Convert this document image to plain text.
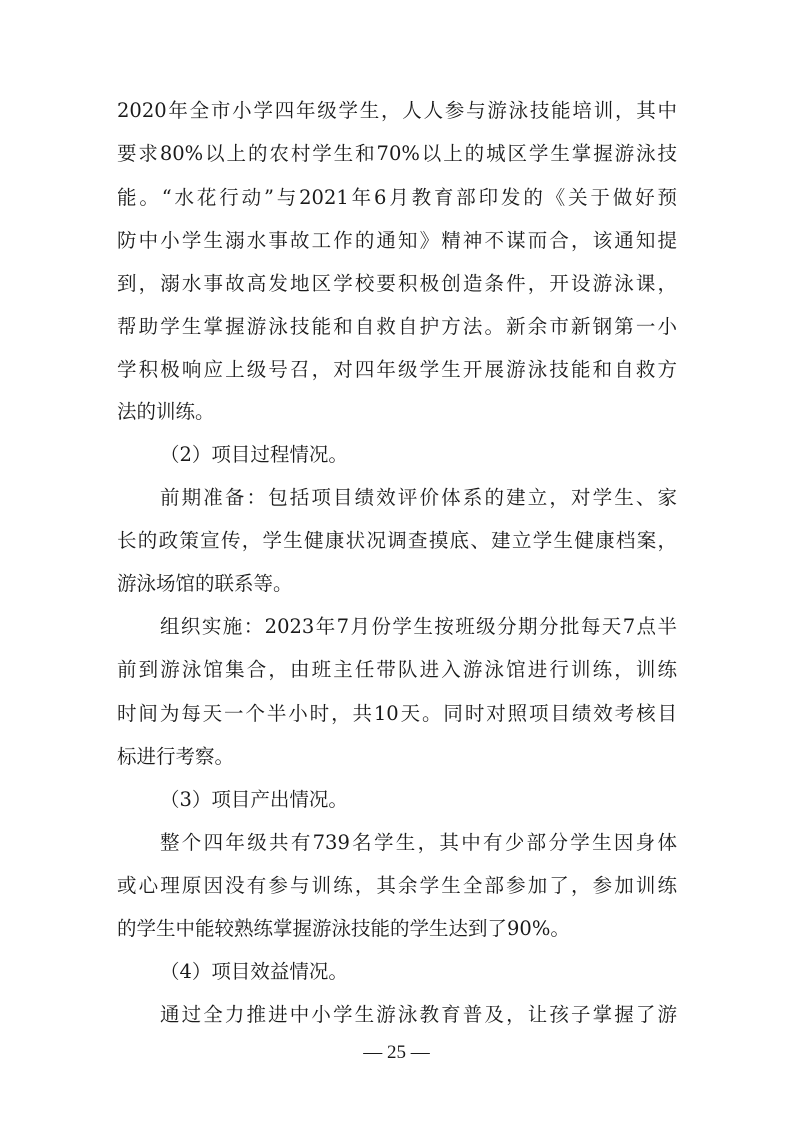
2020年全市小学四年级学生，人人参与游泳技能培训，其中
要求80%以上的农村学生和70%以上的城区学生掌握游泳技
能。“水花行动”与2021年6月教育部印发的《关于做好预
防中小学生溺水事故工作的通知》精神不谋而合，该通知提
到，溺水事故高发地区学校要积极创造条件，开设游泳课，
帮助学生掌握游泳技能和自救自护方法。新余市新钢第一小
学积极响应上级号召，对四年级学生开展游泳技能和自救方
法的训练。
（2）项目过程情况。
前期准备：包括项目绩效评价体系的建立，对学生、家
长的政策宣传，学生健康状况调查摸底、建立学生健康档案，
游泳场馆的联系等。
组织实施：2023年7月份学生按班级分期分批每天7点半
前到游泳馆集合，由班主任带队进入游泳馆进行训练，训练
时间为每天一个半小时，共10天。同时对照项目绩效考核目
标进行考察。
（3）项目产出情况。
整个四年级共有739名学生，其中有少部分学生因身体
或心理原因没有参与训练，其余学生全部参加了，参加训练
的学生中能较熟练掌握游泳技能的学生达到了90%。
（4）项目效益情况。
通过全力推进中小学生游泳教育普及，让孩子掌握了游
— 25 —
